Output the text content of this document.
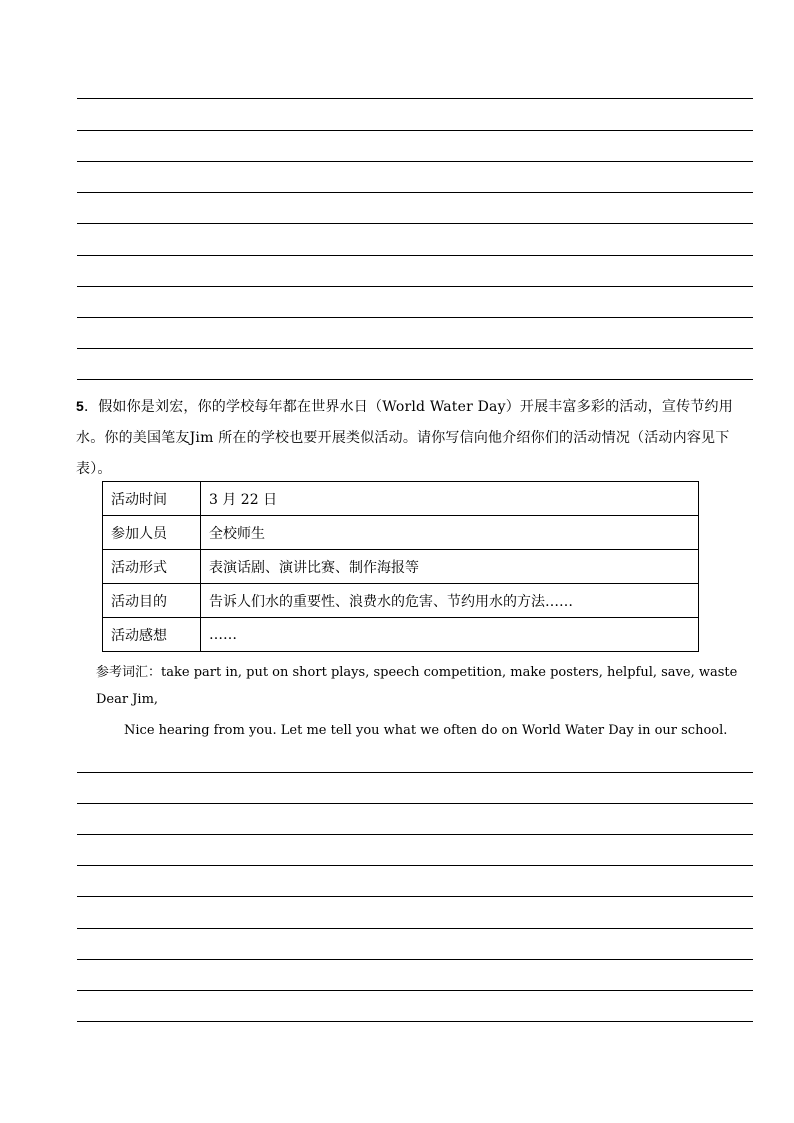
5．假如你是刘宏，你的学校每年都在世界水日（World Water Day）开展丰富多彩的活动，宣传节约用水。你的美国笔友Jim 所在的学校也要开展类似活动。请你写信向他介绍你们的活动情况（活动内容见下表）。
活动时间	3 月 22 日
参加人员	全校师生
活动形式	表演话剧、演讲比赛、制作海报等
活动目的	告诉人们水的重要性、浪费水的危害、节约用水的方法……
活动感想	……
参考词汇：take part in, put on short plays, speech competition, make posters, helpful, save, waste
Dear Jim,
Nice hearing from you. Let me tell you what we often do on World Water Day in our school.
